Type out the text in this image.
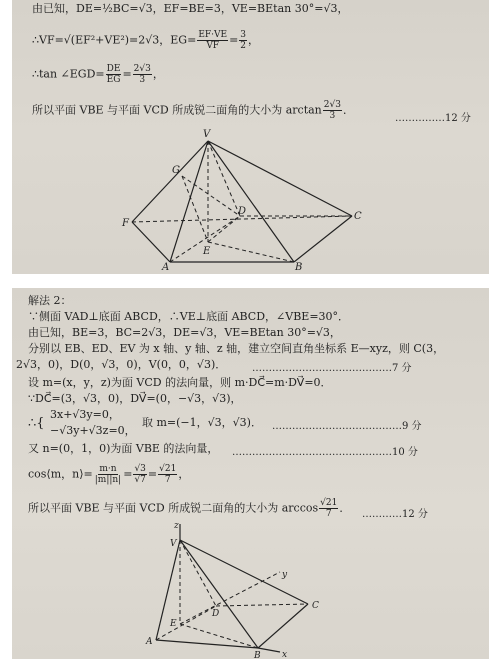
由已知，DE=½BC=√3，EF=BE=3，VE=BEtan 30°=√3，
∴VF=√(EF²+VE²)=2√3，$EG= \frac{EF\cdot VE}{VF} = \frac{3}{2}$ ，
∴tan ∠EGD= $\frac{DE}{EG} = \frac{2√3}{3}$ ，
所以平面 VBE 与平面 VCD 所成锐二面角的大小为 $\arctan \frac{2√3}{3}$ ．
……………12 分
V
G
F
D	C
E
A	B
解法 2：
∵侧面 VAD⊥底面 ABCD，∴VE⊥底面 ABCD，∠VBE=30°．
由已知，BE=3，BC=2√3，DE=√3，VE=BEtan 30°=√3，
分别以 EB、ED、EV 为 x 轴、y 轴、z 轴，建立空间直角坐标系 E—xyz，则 C(3，
2√3，0)，D(0，√3，0)，V(0，0，√3)．	……………………………………7 分
设 m=(x，y，z)为面 VCD 的法向量，则 m·DC⃗=m·DV⃗=0．
∵DC⃗=(3，√3，0)，DV⃗=(0，−√3，√3)，
∴{
3x+√3y=0，
−√3y+√3z=0，
取 m=(−1，√3，√3)． …………………………………9 分
又 n=(0，1，0)为面 VBE 的法向量， …………………………………………10 分
cos⟨m，n⟩= $\frac{m\cdot n}{|m||n|} = \frac{√3}{√7} = \frac{√21}{7}$ ，
所以平面 VBE 与平面 VCD 所成锐二面角的大小为 $\arccos \frac{√21}{7}$ ． …………12 分
z
V
y
C
E
D
A
B x
